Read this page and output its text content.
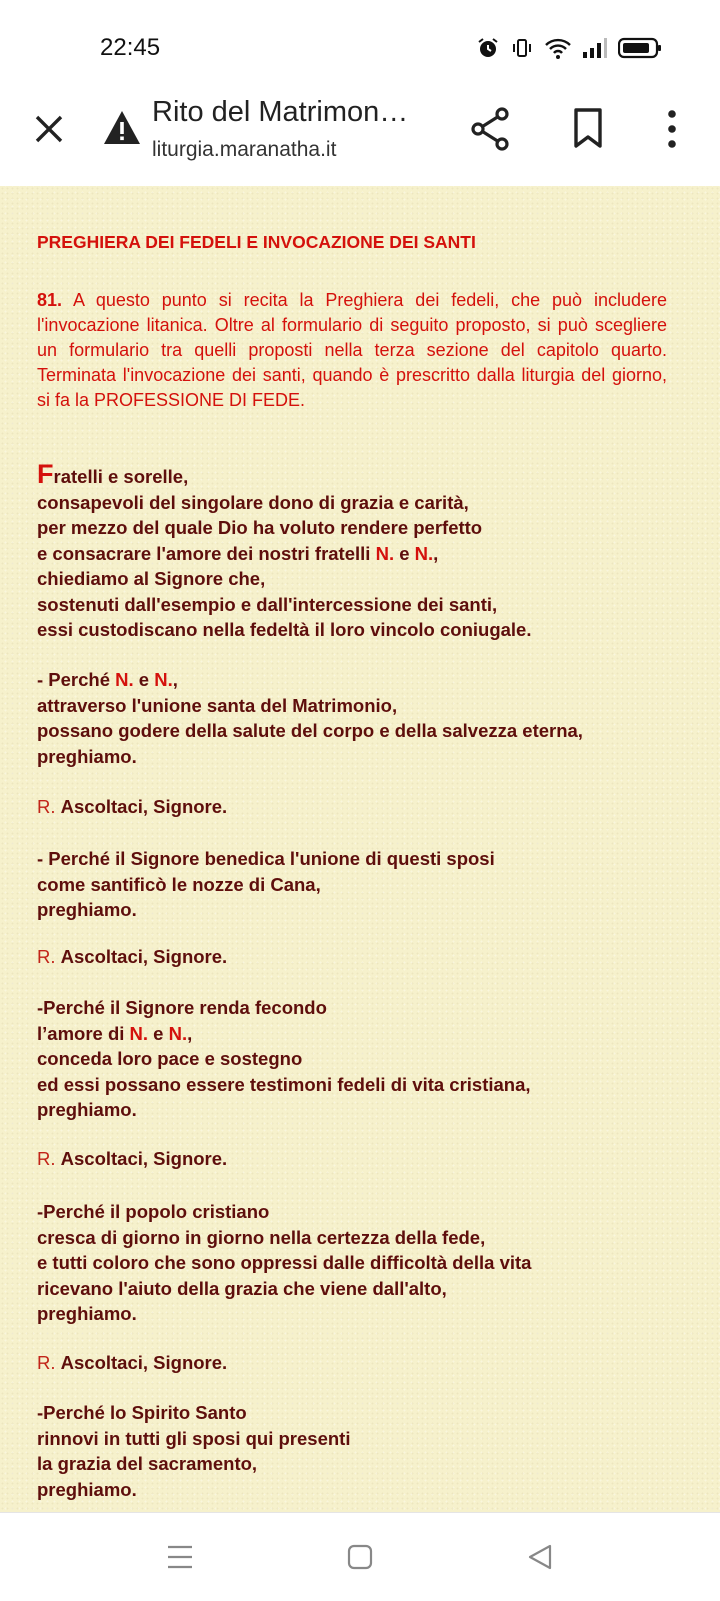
22:45
Rito del Matrimon…
liturgia.maranatha.it
PREGHIERA DEI FEDELI E INVOCAZIONE DEI SANTI
81. A questo punto si recita la Preghiera dei fedeli, che può includere l'invocazione litanica. Oltre al formulario di seguito proposto, si può scegliere un formulario tra quelli proposti nella terza sezione del capitolo quarto. Terminata l'invocazione dei santi, quando è prescritto dalla liturgia del giorno, si fa la PROFESSIONE DI FEDE.
Fratelli e sorelle,
consapevoli del singolare dono di grazia e carità,
per mezzo del quale Dio ha voluto rendere perfetto
e consacrare l'amore dei nostri fratelli N. e N.,
chiediamo al Signore che,
sostenuti dall'esempio e dall'intercessione dei santi,
essi custodiscano nella fedeltà il loro vincolo coniugale.
- Perché N. e N.,
attraverso l'unione santa del Matrimonio,
possano godere della salute del corpo e della salvezza eterna,
preghiamo.
R. Ascoltaci, Signore.
- Perché il Signore benedica l'unione di questi sposi
come santificò le nozze di Cana,
preghiamo.
R. Ascoltaci, Signore.
-Perché il Signore renda fecondo
l’amore di N. e N.,
conceda loro pace e sostegno
ed essi possano essere testimoni fedeli di vita cristiana,
preghiamo.
R. Ascoltaci, Signore.
-Perché il popolo cristiano
cresca di giorno in giorno nella certezza della fede,
e tutti coloro che sono oppressi dalle difficoltà della vita
ricevano l'aiuto della grazia che viene dall'alto,
preghiamo.
R. Ascoltaci, Signore.
-Perché lo Spirito Santo
rinnovi in tutti gli sposi qui presenti
la grazia del sacramento,
preghiamo.
